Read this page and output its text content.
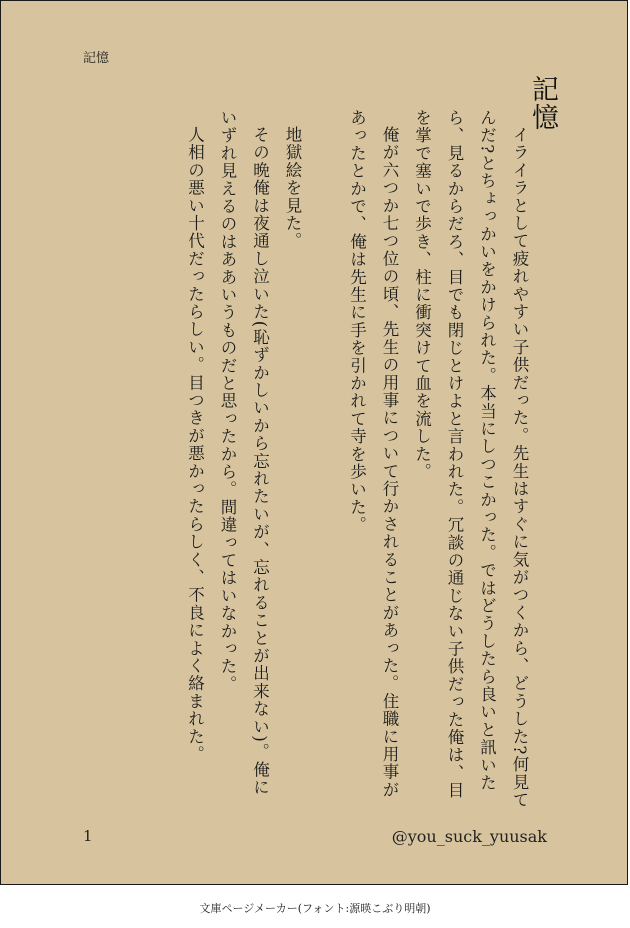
記憶
記憶

イライラとして疲れやすい子供だった。先生はすぐに気がつくから、どうした?何見てんだ?とちょっかいをかけられた。本当にしつこかった。ではどうしたら良いと訊いたら、見るからだろ、目でも閉じとけよと言われた。冗談の通じない子供だった俺は、目を掌で塞いで歩き、柱に衝突けて血を流した。

俺が六つか七つ位の頃、先生の用事について行かされることがあった。住職に用事があったとかで、俺は先生に手を引かれて寺を歩いた。

地獄絵を見た。

その晩俺は夜通し泣いた(恥ずかしいから忘れたいが、忘れることが出来ない)。俺にいずれ見えるのはああいうものだと思ったから。間違ってはいなかった。

人相の悪い十代だったらしい。目つきが悪かったらしく、不良によく絡まれた。

1	@you_suck_yuusak
文庫ページメーカー(フォント:源暎こぶり明朝)
